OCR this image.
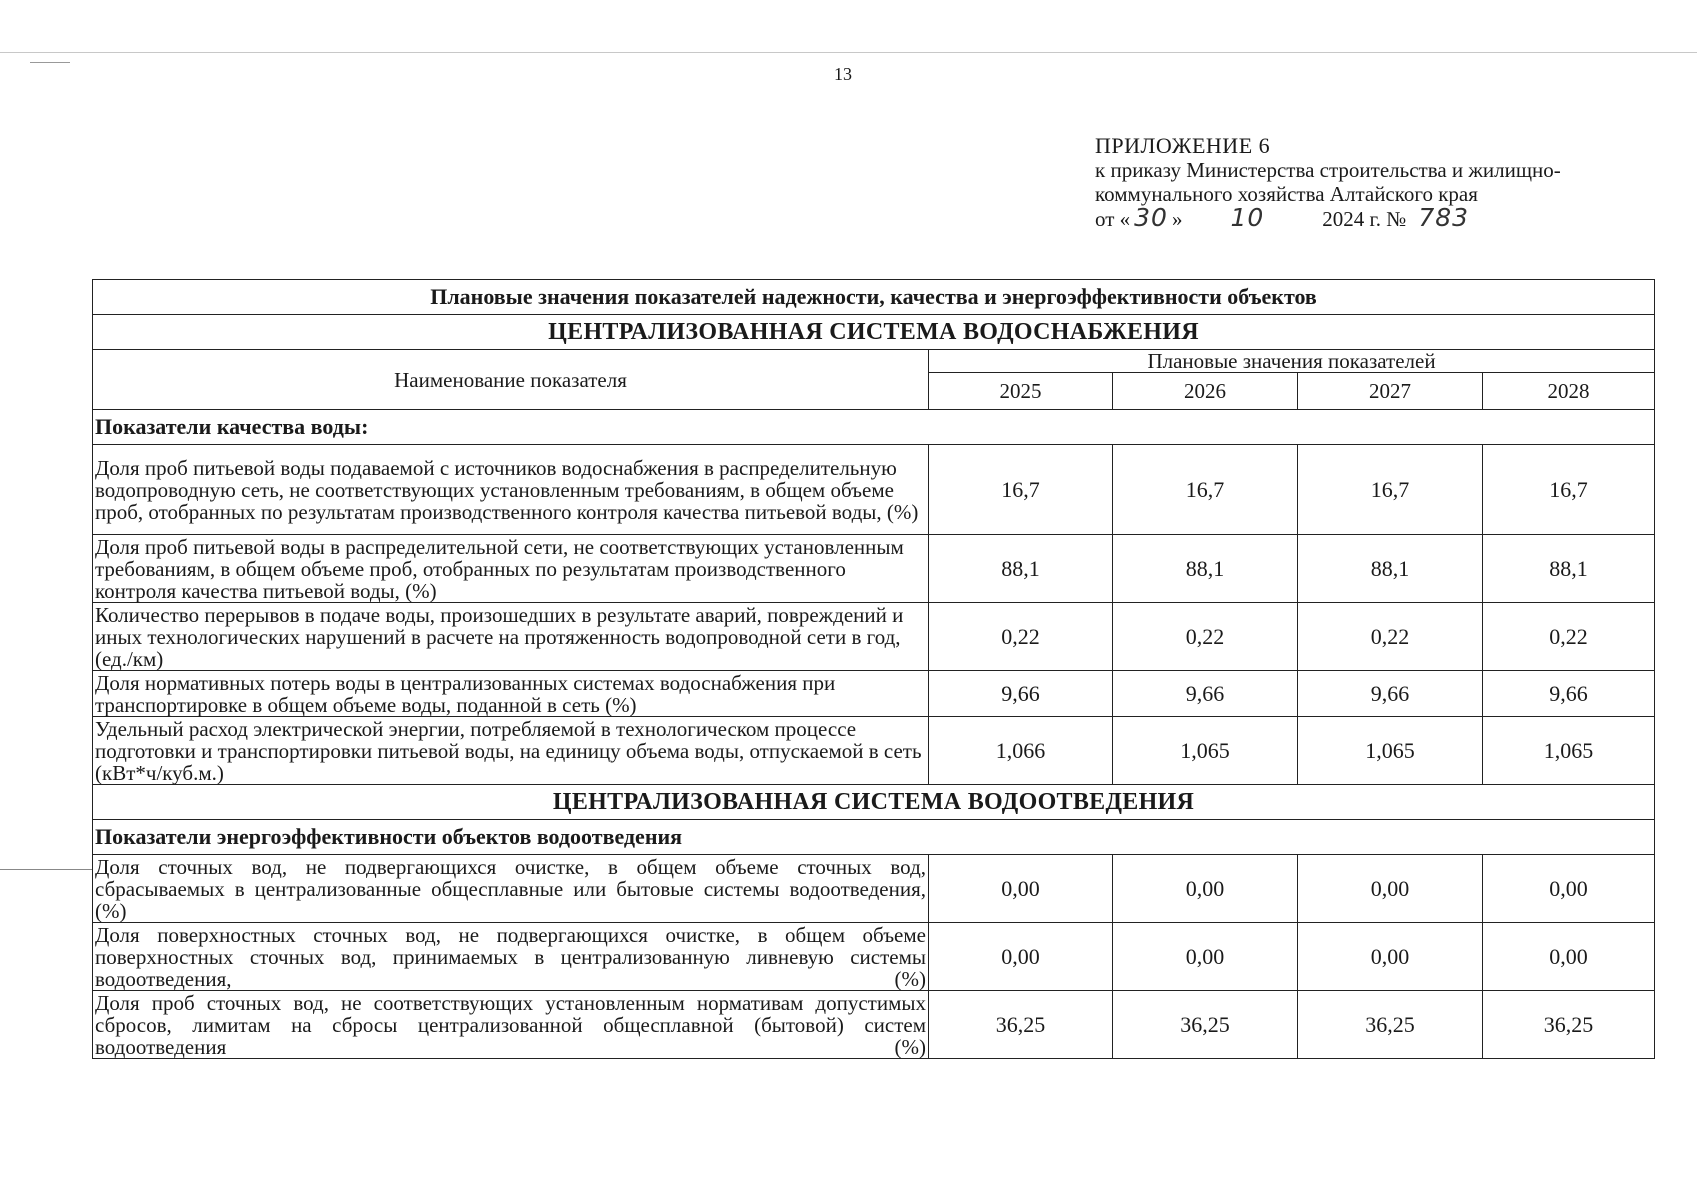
13
ПРИЛОЖЕНИЕ 6
к приказу Министерства строительства и жилищно-
коммунального хозяйства Алтайского края
от « 30 » 10	2024 г. № 783
Плановые значения показателей надежности, качества и энергоэффективности объектов				
ЦЕНТРАЛИЗОВАННАЯ СИСТЕМА ВОДОСНАБЖЕНИЯ				
Наименование показателя	Плановые значения показателей			
	2025	2026	2027	2028
Показатели качества воды:				
Доля проб питьевой воды подаваемой с источников водоснабжения в распределительную водопроводную сеть, не соответствующих установленным требованиям, в общем объеме проб, отобранных по результатам производственного контроля качества питьевой воды, (%)	16,7	16,7	16,7	16,7
Доля проб питьевой воды в распределительной сети, не соответствующих установленным требованиям, в общем объеме проб, отобранных по результатам производственного контроля качества питьевой воды, (%)	88,1	88,1	88,1	88,1
Количество перерывов в подаче воды, произошедших в результате аварий, повреждений и иных технологических нарушений в расчете на протяженность водопроводной сети в год, (ед./км)	0,22	0,22	0,22	0,22
Доля нормативных потерь воды в централизованных системах водоснабжения при транспортировке в общем объеме воды, поданной в сеть (%)	9,66	9,66	9,66	9,66
Удельный расход электрической энергии, потребляемой в технологическом процессе подготовки и транспортировки питьевой воды, на единицу объема воды, отпускаемой в сеть (кВт*ч/куб.м.)	1,066	1,065	1,065	1,065
ЦЕНТРАЛИЗОВАННАЯ СИСТЕМА ВОДООТВЕДЕНИЯ				
Показатели энергоэффективности объектов водоотведения				
Доля сточных вод, не подвергающихся очистке, в общем объеме сточных вод, сбрасываемых в централизованные общесплавные или бытовые системы водоотведения, (%)	0,00	0,00	0,00	0,00
Доля поверхностных сточных вод, не подвергающихся очистке, в общем объеме поверхностных сточных вод, принимаемых в централизованную ливневую системы водоотведения, (%)	0,00	0,00	0,00	0,00
Доля проб сточных вод, не соответствующих установленным нормативам допустимых сбросов, лимитам на сбросы централизованной общесплавной (бытовой) систем водоотведения (%)	36,25	36,25	36,25	36,25
